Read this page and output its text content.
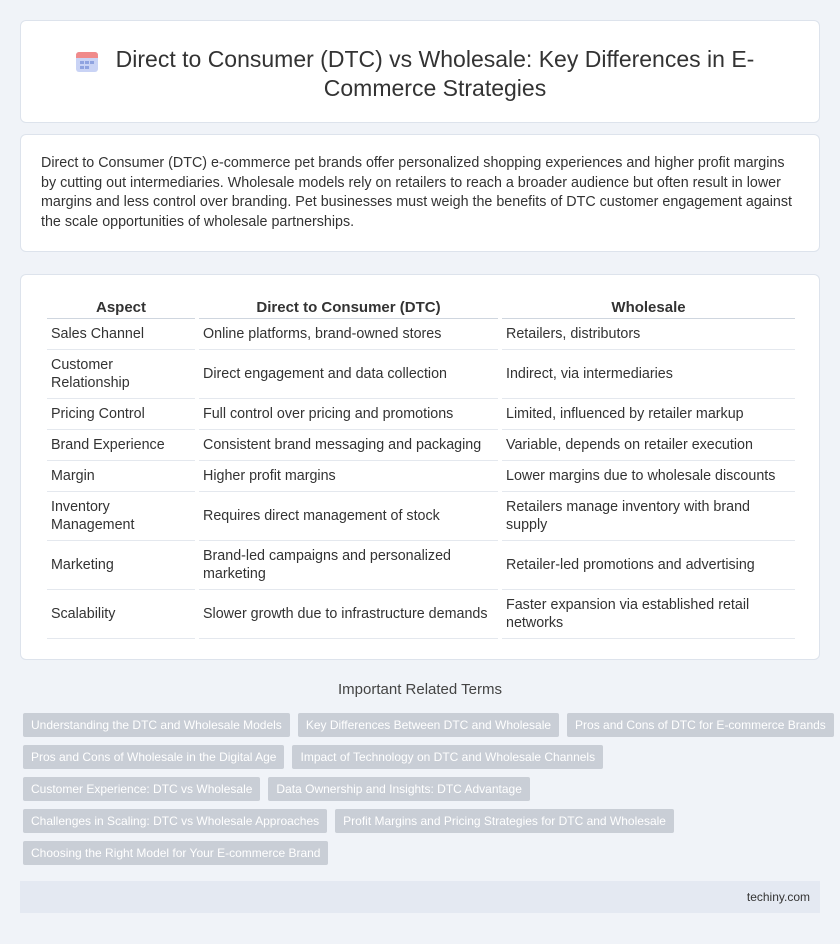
Direct to Consumer (DTC) vs Wholesale: Key Differences in E-Commerce Strategies

Direct to Consumer (DTC) e-commerce pet brands offer personalized shopping experiences and higher profit margins by cutting out intermediaries. Wholesale models rely on retailers to reach a broader audience but often result in lower margins and less control over branding. Pet businesses must weigh the benefits of DTC customer engagement against the scale opportunities of wholesale partnerships.

Aspect	Direct to Consumer (DTC)	Wholesale
Sales Channel	Online platforms, brand-owned stores	Retailers, distributors
Customer Relationship	Direct engagement and data collection	Indirect, via intermediaries
Pricing Control	Full control over pricing and promotions	Limited, influenced by retailer markup
Brand Experience	Consistent brand messaging and packaging	Variable, depends on retailer execution
Margin	Higher profit margins	Lower margins due to wholesale discounts
Inventory Management	Requires direct management of stock	Retailers manage inventory with brand supply
Marketing	Brand-led campaigns and personalized marketing	Retailer-led promotions and advertising
Scalability	Slower growth due to infrastructure demands	Faster expansion via established retail networks
Important Related Terms
Understanding the DTC and Wholesale Models	Key Differences Between DTC and Wholesale	Pros and Cons of DTC for E-commerce Brands
Pros and Cons of Wholesale in the Digital Age	Impact of Technology on DTC and Wholesale Channels
Customer Experience: DTC vs Wholesale	Data Ownership and Insights: DTC Advantage
Challenges in Scaling: DTC vs Wholesale Approaches	Profit Margins and Pricing Strategies for DTC and Wholesale
Choosing the Right Model for Your E-commerce Brand
techiny.com
